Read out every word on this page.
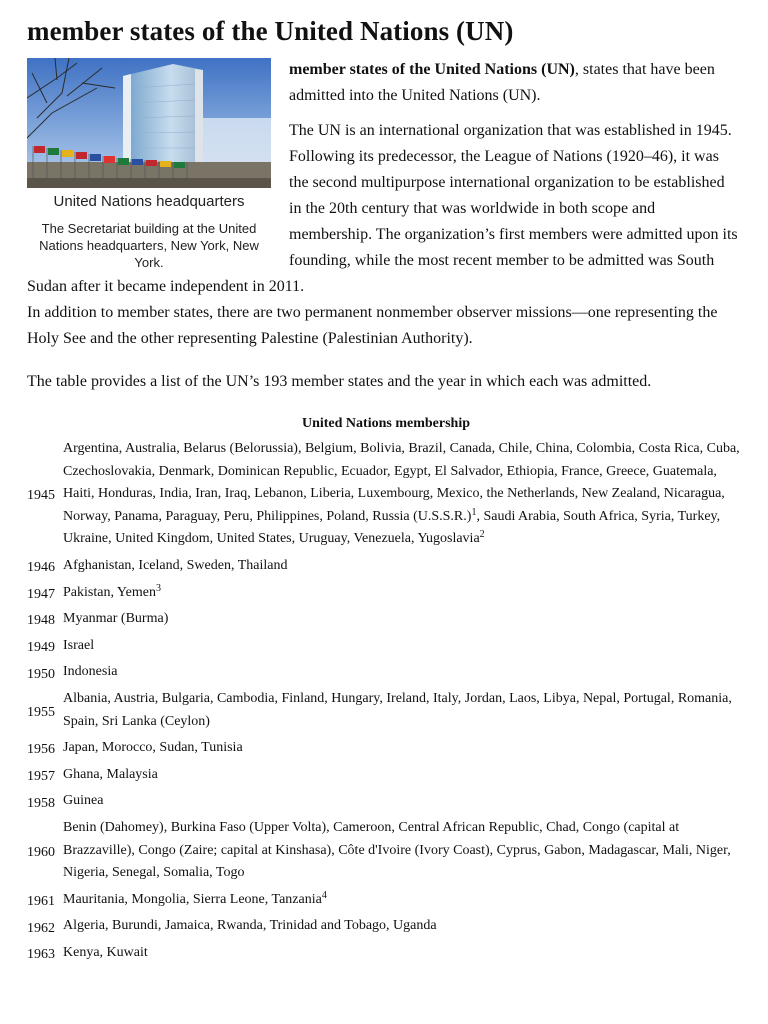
member states of the United Nations (UN)
United Nations headquarters
The Secretariat building at the United Nations headquarters, New York, New York.

member states of the United Nations (UN), states that have been admitted into the United Nations (UN).

The UN is an international organization that was established in 1945. Following its predecessor, the League of Nations (1920–46), it was the second multipurpose international organization to be established in the 20th century that was worldwide in both scope and membership. The organization’s first members were admitted upon its founding, while the most recent member to be admitted was South Sudan after it became independent in 2011.

In addition to member states, there are two permanent nonmember observer missions—one representing the Holy See and the other representing Palestine (Palestinian Authority).

The table provides a list of the UN’s 193 member states and the year in which each was admitted.

United Nations membership
1945	Argentina, Australia, Belarus (Belorussia), Belgium, Bolivia, Brazil, Canada, Chile, China, Colombia, Costa Rica, Cuba, Czechoslovakia, Denmark, Dominican Republic, Ecuador, Egypt, El Salvador, Ethiopia, France, Greece, Guatemala, Haiti, Honduras, India, Iran, Iraq, Lebanon, Liberia, Luxembourg, Mexico, the Netherlands, New Zealand, Nicaragua, Norway, Panama, Paraguay, Peru, Philippines, Poland, Russia $(U.S.S.R.)^1$, Saudi Arabia, South Africa, Syria, Turkey, Ukraine, United Kingdom, United States, Uruguay, Venezuela, Yugoslavia$^2$
1946	Afghanistan, Iceland, Sweden, Thailand
1947	Pakistan, Yemen$^3$
1948	Myanmar (Burma)
1949	Israel
1950	Indonesia
1955	Albania, Austria, Bulgaria, Cambodia, Finland, Hungary, Ireland, Italy, Jordan, Laos, Libya, Nepal, Portugal, Romania, Spain, Sri Lanka (Ceylon)
1956	Japan, Morocco, Sudan, Tunisia
1957	Ghana, Malaysia
1958	Guinea
1960	Benin (Dahomey), Burkina Faso (Upper Volta), Cameroon, Central African Republic, Chad, Congo (capital at Brazzaville), Congo (Zaire; capital at Kinshasa), Côte d'Ivoire (Ivory Coast), Cyprus, Gabon, Madagascar, Mali, Niger, Nigeria, Senegal, Somalia, Togo
1961	Mauritania, Mongolia, Sierra Leone, Tanzania$^4$
1962	Algeria, Burundi, Jamaica, Rwanda, Trinidad and Tobago, Uganda
1963	Kenya, Kuwait
